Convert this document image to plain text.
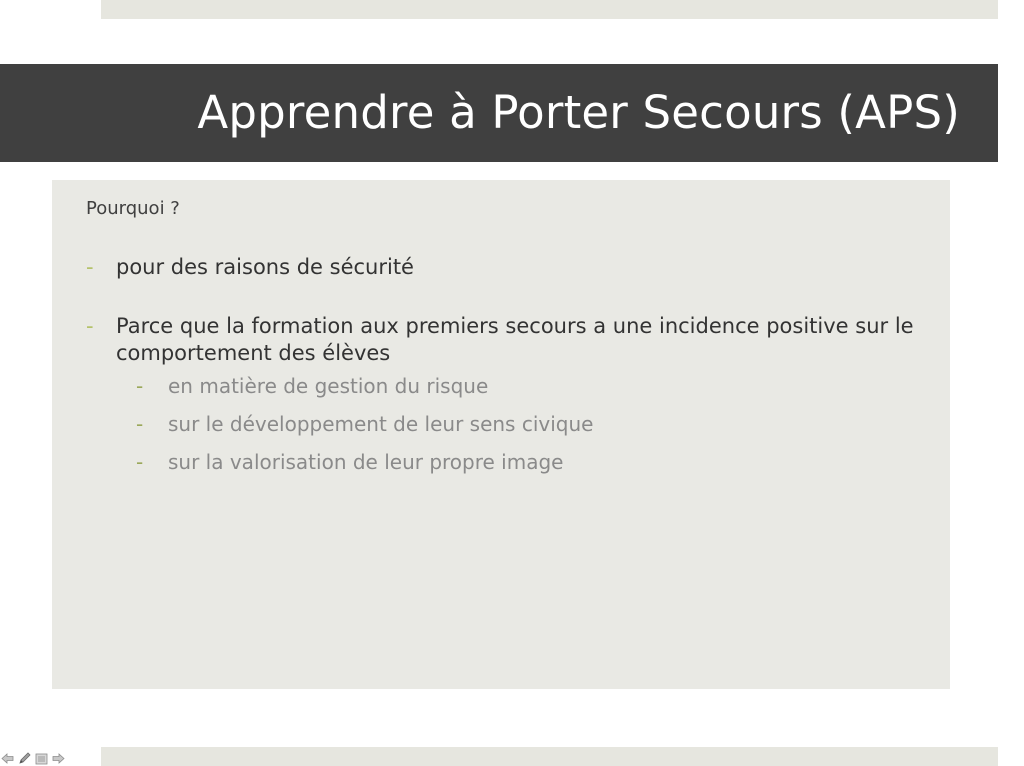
Apprendre à Porter Secours (APS)
Pourquoi ?
- pour des raisons de sécurité
- Parce que la formation aux premiers secours a une incidence positive sur le comportement des élèves
- en matière de gestion du risque
- sur le développement de leur sens civique
- sur la valorisation de leur propre image
